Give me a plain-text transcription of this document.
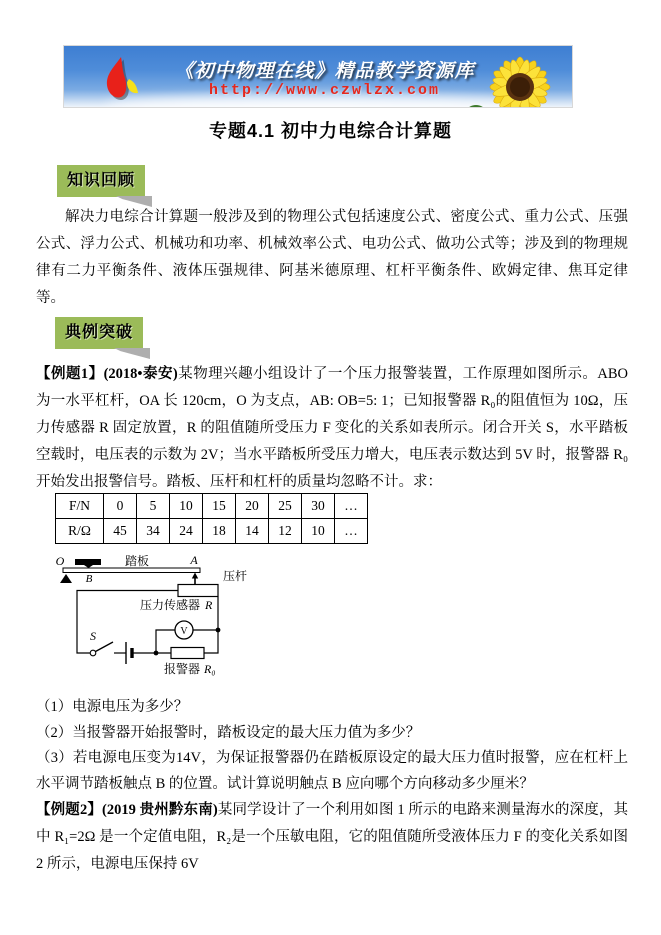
《初中物理在线》精品教学资源库
http://www.czwlzx.com
专题4.1 初中力电综合计算题
知识回顾

解决力电综合计算题一般涉及到的物理公式包括速度公式、密度公式、重力公式、压强公式、浮力公式、机械功和功率、机械效率公式、电功公式、做功公式等；涉及到的物理规律有二力平衡条件、液体压强规律、阿基米德原理、杠杆平衡条件、欧姆定律、焦耳定律等。

典例突破

【例题1】(2018•泰安)某物理兴趣小组设计了一个压力报警装置，工作原理如图所示。ABO 为一水平杠杆，OA 长 120cm，O 为支点，AB: OB=5: 1；已知报警器 R₀的阻值恒为 10Ω，压力传感器 R 固定放置，R 的阻值随所受压力 F 变化的关系如表所示。闭合开关 S，水平踏板空载时，电压表的示数为 2V；当水平踏板所受压力增大，电压表示数达到 5V 时，报警器 R₀开始发出报警信号。踏板、压杆和杠杆的质量均忽略不计。求：

F/N	0	5	10	15	20	25	30	…
R/Ω	45	34	24	18	14	12	10	…
O
B
A
踏板
压杆
压力传感器 R
S	V
报警器 R₀

（1）电源电压为多少？

（2）当报警器开始报警时，踏板设定的最大压力值为多少？

（3）若电源电压变为14V，为保证报警器仍在踏板原设定的最大压力值时报警，应在杠杆上水平调节踏板触点 B 的位置。试计算说明触点 B 应向哪个方向移动多少厘米？

【例题2】(2019 贵州黔东南)某同学设计了一个利用如图 1 所示的电路来测量海水的深度，其中 R₁=2Ω 是一个定值电阻，R₂是一个压敏电阻，它的阻值随所受液体压力 F 的变化关系如图 2 所示，电源电压保持 6V
